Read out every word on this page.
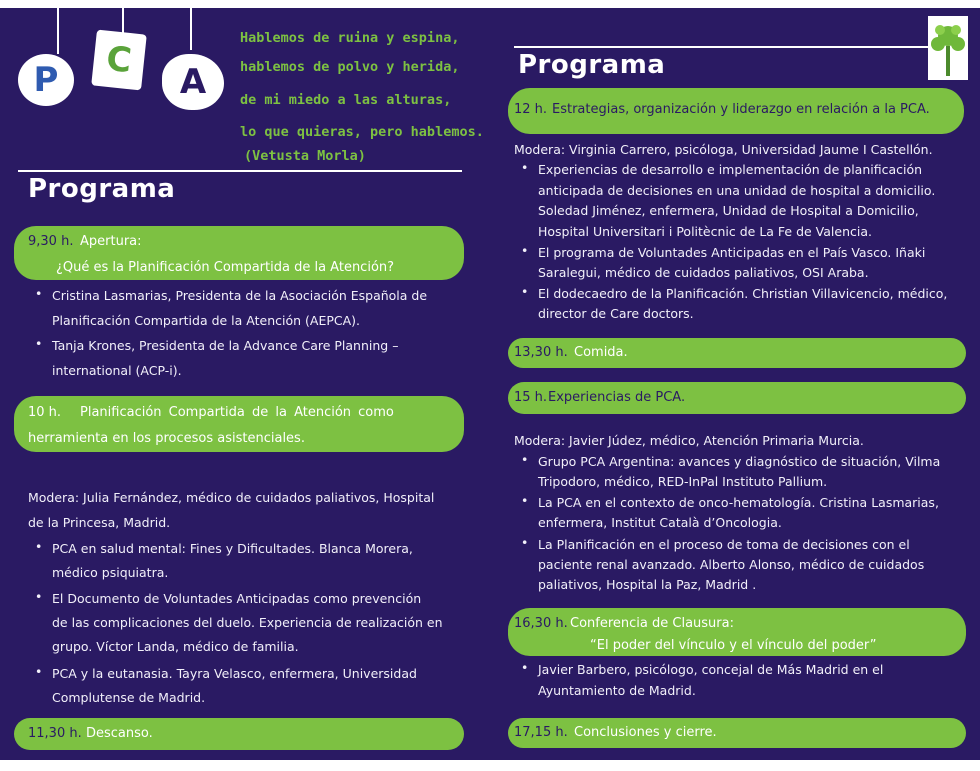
P	C
A
Hablemos de ruina y espina,
hablemos de polvo y herida,
de mi miedo a las alturas,
lo que quieras, pero hablemos.
(Vetusta Morla)
Programa
9,30 h. Apertura:
¿Qué es la Planificación Compartida de la Atención?
• Cristina Lasmarias, Presidenta de la Asociación Española de
Planificación Compartida de la Atención (AEPCA).
• Tanja Krones, Presidenta de la Advance Care Planning –
international (ACP-i).
10 h. Planificación Compartida de la Atención como
herramienta en los procesos asistenciales.
Modera: Julia Fernández, médico de cuidados paliativos, Hospital
de la Princesa, Madrid.
• PCA en salud mental: Fines y Dificultades. Blanca Morera,
médico psiquiatra.
• El Documento de Voluntades Anticipadas como prevención
de las complicaciones del duelo. Experiencia de realización en
grupo. Víctor Landa, médico de familia.
• PCA y la eutanasia. Tayra Velasco, enfermera, Universidad
Complutense de Madrid.
11,30 h. Descanso.
Programa
12 h. Estrategias, organización y liderazgo en relación a la PCA.
Modera: Virginia Carrero, psicóloga, Universidad Jaume I Castellón.
• Experiencias de desarrollo e implementación de planificación
anticipada de decisiones en una unidad de hospital a domicilio.
Soledad Jiménez, enfermera, Unidad de Hospital a Domicilio,
Hospital Universitari i Politècnic de La Fe de Valencia.
• El programa de Voluntades Anticipadas en el País Vasco. Iñaki
Saralegui, médico de cuidados paliativos, OSI Araba.
• El dodecaedro de la Planificación. Christian Villavicencio, médico,
director de Care doctors.
13,30 h. Comida.
15 h. Experiencias de PCA.
Modera: Javier Júdez, médico, Atención Primaria Murcia.
• Grupo PCA Argentina: avances y diagnóstico de situación, Vilma
Tripodoro, médico, RED-InPal Instituto Pallium.
• La PCA en el contexto de onco-hematología. Cristina Lasmarias,
enfermera, Institut Català d’Oncologia.
• La Planificación en el proceso de toma de decisiones con el
paciente renal avanzado. Alberto Alonso, médico de cuidados
paliativos, Hospital la Paz, Madrid .
16,30 h. Conferencia de Clausura:
“El poder del vínculo y el vínculo del poder”
• Javier Barbero, psicólogo, concejal de Más Madrid en el
Ayuntamiento de Madrid.
17,15 h. Conclusiones y cierre.
